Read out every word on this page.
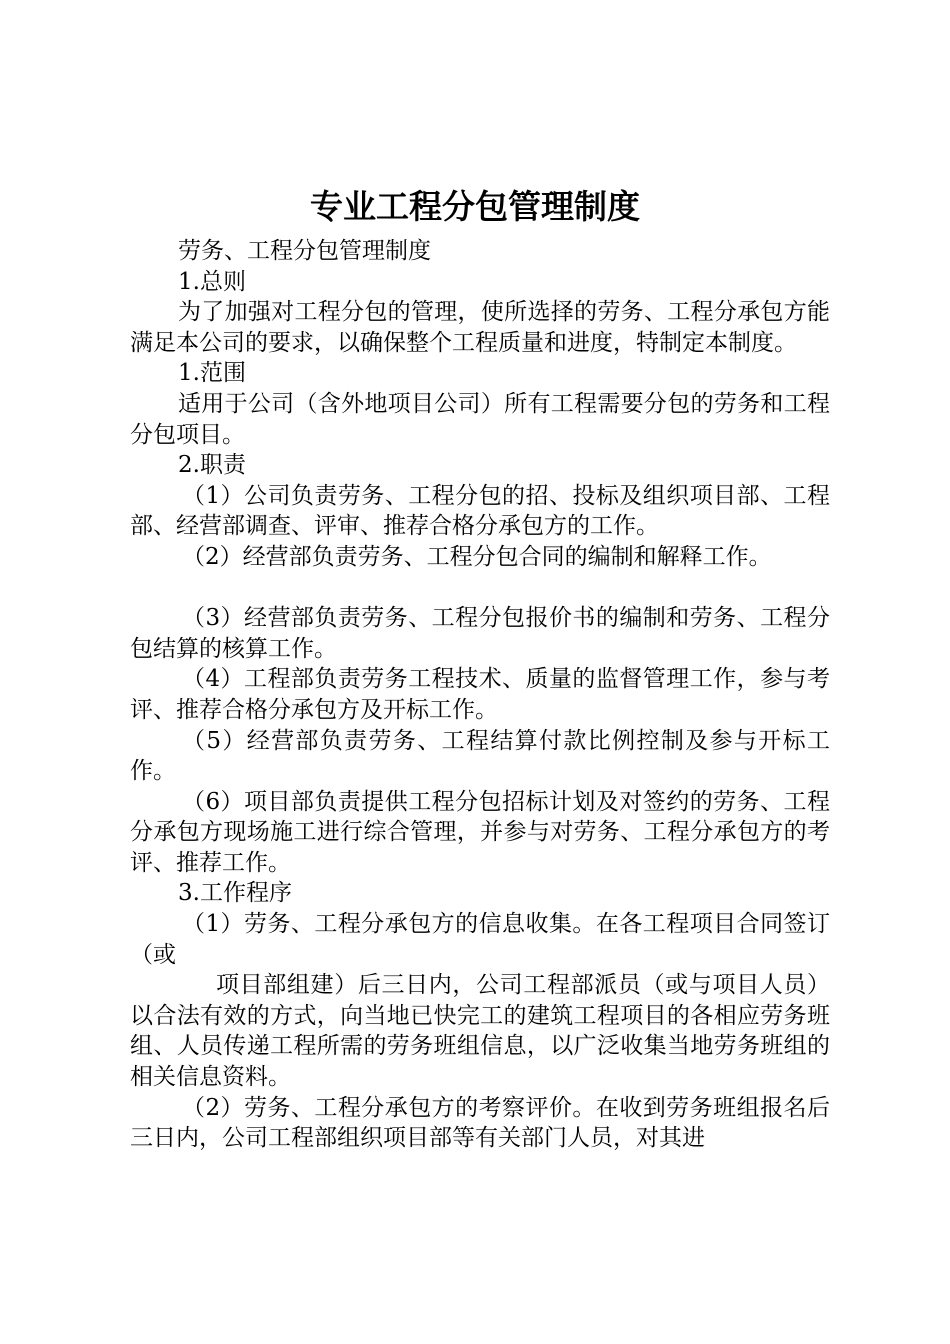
专业工程分包管理制度

劳务、工程分包管理制度

1.总则

为了加强对工程分包的管理，使所选择的劳务、工程分承包方能满足本公司的要求，以确保整个工程质量和进度，特制定本制度。

1.范围

适用于公司（含外地项目公司）所有工程需要分包的劳务和工程分包项目。

2.职责

（1）公司负责劳务、工程分包的招、投标及组织项目部、工程部、经营部调查、评审、推荐合格分承包方的工作。

（2）经营部负责劳务、工程分包合同的编制和解释工作。

（3）经营部负责劳务、工程分包报价书的编制和劳务、工程分包结算的核算工作。

（4）工程部负责劳务工程技术、质量的监督管理工作，参与考评、推荐合格分承包方及开标工作。

（5）经营部负责劳务、工程结算付款比例控制及参与开标工作。

（6）项目部负责提供工程分包招标计划及对签约的劳务、工程分承包方现场施工进行综合管理，并参与对劳务、工程分承包方的考评、推荐工作。

3.工作程序

（1）劳务、工程分承包方的信息收集。在各工程项目合同签订（或

项目部组建）后三日内，公司工程部派员（或与项目人员）以合法有效的方式，向当地已快完工的建筑工程项目的各相应劳务班组、人员传递工程所需的劳务班组信息，以广泛收集当地劳务班组的相关信息资料。

（2）劳务、工程分承包方的考察评价。在收到劳务班组报名后三日内，公司工程部组织项目部等有关部门人员，对其进
